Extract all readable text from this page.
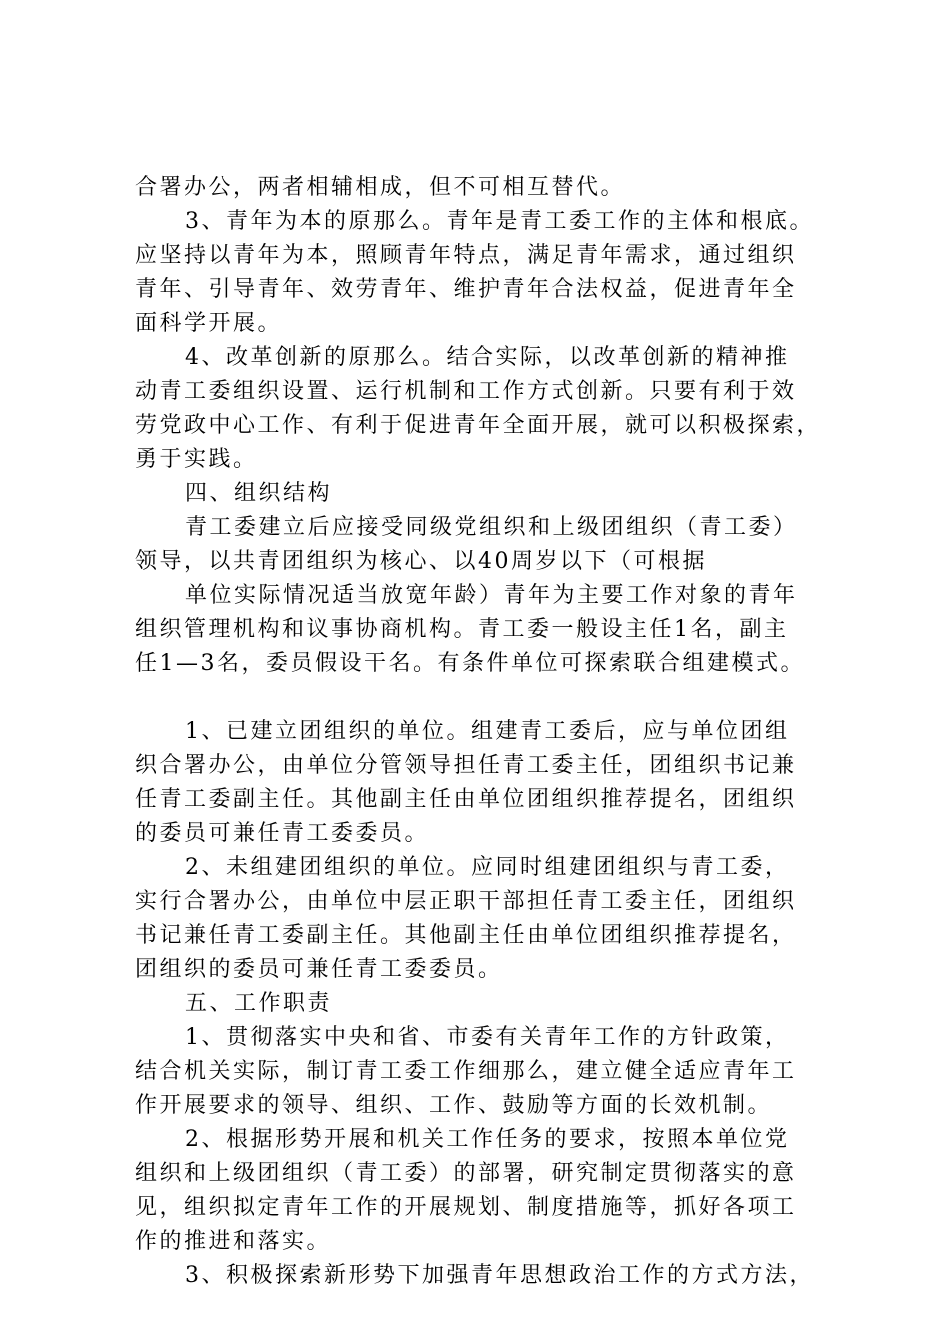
合署办公，两者相辅相成，但不可相互替代。
3、青年为本的原那么。青年是青工委工作的主体和根底。
应坚持以青年为本，照顾青年特点，满足青年需求，通过组织
青年、引导青年、效劳青年、维护青年合法权益，促进青年全
面科学开展。
4、改革创新的原那么。结合实际，以改革创新的精神推
动青工委组织设置、运行机制和工作方式创新。只要有利于效
劳党政中心工作、有利于促进青年全面开展，就可以积极探索，
勇于实践。
四、组织结构
青工委建立后应接受同级党组织和上级团组织（青工委）
领导，以共青团组织为核心、以40周岁以下（可根据
单位实际情况适当放宽年龄）青年为主要工作对象的青年
组织管理机构和议事协商机构。青工委一般设主任1名，副主
任1—3名，委员假设干名。有条件单位可探索联合组建模式。
1、已建立团组织的单位。组建青工委后，应与单位团组
织合署办公，由单位分管领导担任青工委主任，团组织书记兼
任青工委副主任。其他副主任由单位团组织推荐提名，团组织
的委员可兼任青工委委员。
2、未组建团组织的单位。应同时组建团组织与青工委，
实行合署办公，由单位中层正职干部担任青工委主任，团组织
书记兼任青工委副主任。其他副主任由单位团组织推荐提名，
团组织的委员可兼任青工委委员。
五、工作职责
1、贯彻落实中央和省、市委有关青年工作的方针政策，
结合机关实际，制订青工委工作细那么，建立健全适应青年工
作开展要求的领导、组织、工作、鼓励等方面的长效机制。
2、根据形势开展和机关工作任务的要求，按照本单位党
组织和上级团组织（青工委）的部署，研究制定贯彻落实的意
见，组织拟定青年工作的开展规划、制度措施等，抓好各项工
作的推进和落实。
3、积极探索新形势下加强青年思想政治工作的方式方法，
